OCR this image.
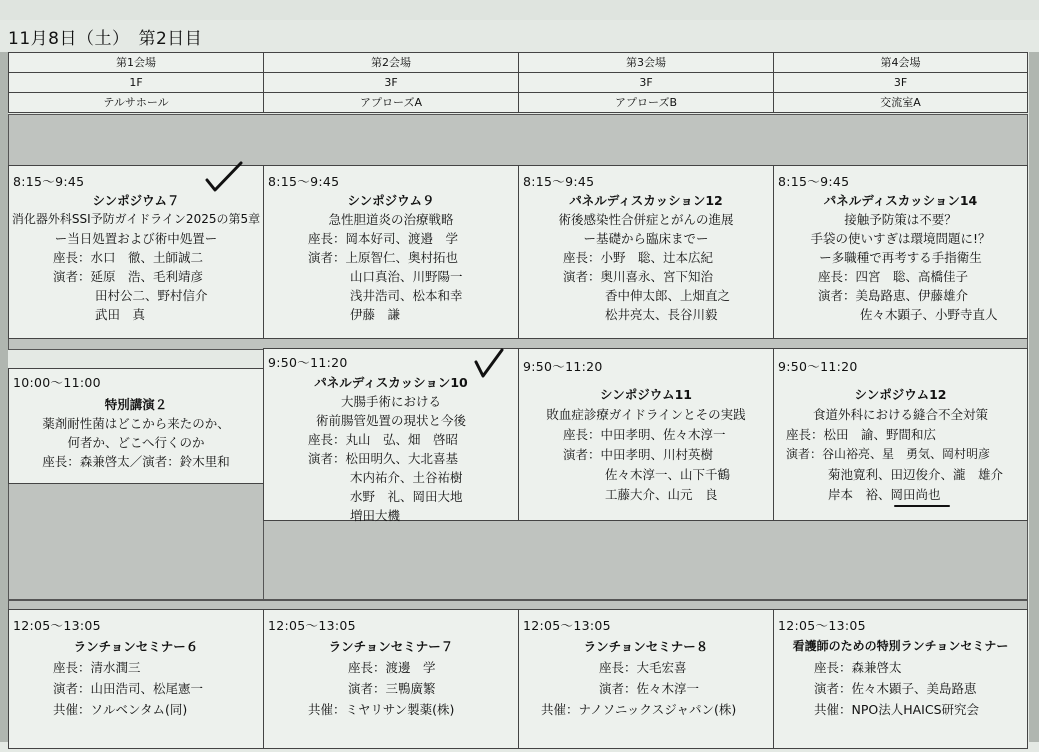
11月8日（土）　第2日目
第1会場	第2会場	第3会場	第4会場
1F	3F	3F	3F
テルサホール	アプローズA	アプローズB	交流室A
8:15～9:45
シンポジウム７
消化器外科SSI予防ガイドライン2025の第5章
ー当日処置および術中処置ー
座長：水口　徹、土師誠二
演者：延原　浩、毛利靖彦
田村公二、野村信介
武田　真
8:15～9:45
シンポジウム９
急性胆道炎の治療戦略
座長：岡本好司、渡邉　学
演者：上原智仁、奥村拓也
山口真治、川野陽一
浅井浩司、松本和幸
伊藤　謙
8:15～9:45
パネルディスカッション12
術後感染性合併症とがんの進展
ー基礎から臨床までー
座長：小野　聡、辻本広紀
演者：奥川喜永、宮下知治
香中伸太郎、上畑直之
松井亮太、長谷川毅
8:15～9:45
パネルディスカッション14
接触予防策は不要？
手袋の使いすぎは環境問題に!？
ー多職種で再考する手指衛生
座長：四宮　聡、高橋佳子
演者：美島路恵、伊藤雄介
佐々木顕子、小野寺直人
10:00～11:00
特別講演２
薬剤耐性菌はどこから来たのか、
何者か、どこへ行くのか
座長：森兼啓太／演者：鈴木里和
9:50～11:20
パネルディスカッション10
大腸手術における
術前腸管処置の現状と今後
座長：丸山　弘、畑　啓昭
演者：松田明久、大北喜基
木内祐介、土谷祐樹
水野　礼、岡田大地
増田大機
9:50～11:20
シンポジウム11
敗血症診療ガイドラインとその実践
座長：中田孝明、佐々木淳一
演者：中田孝明、川村英樹
佐々木淳一、山下千鶴
工藤大介、山元　良
9:50～11:20
シンポジウム12
食道外科における縫合不全対策
座長：松田　諭、野間和広
演者：谷山裕亮、星　勇気、岡村明彦
菊池寛利、田辺俊介、瀧　雄介
岸本　裕、岡田尚也
12:05～13:05
ランチョンセミナー６
座長：清水潤三
演者：山田浩司、松尾憲一
共催：ソルベンタム(同)
12:05～13:05
ランチョンセミナー７
座長：渡邊　学
演者：三鴨廣繁
共催：ミヤリサン製薬(株)
12:05～13:05
ランチョンセミナー８
座長：大毛宏喜
演者：佐々木淳一
共催：ナノソニックスジャパン(株)
12:05～13:05
看護師のための特別ランチョンセミナー
座長：森兼啓太
演者：佐々木顕子、美島路恵
共催：NPO法人HAICS研究会
